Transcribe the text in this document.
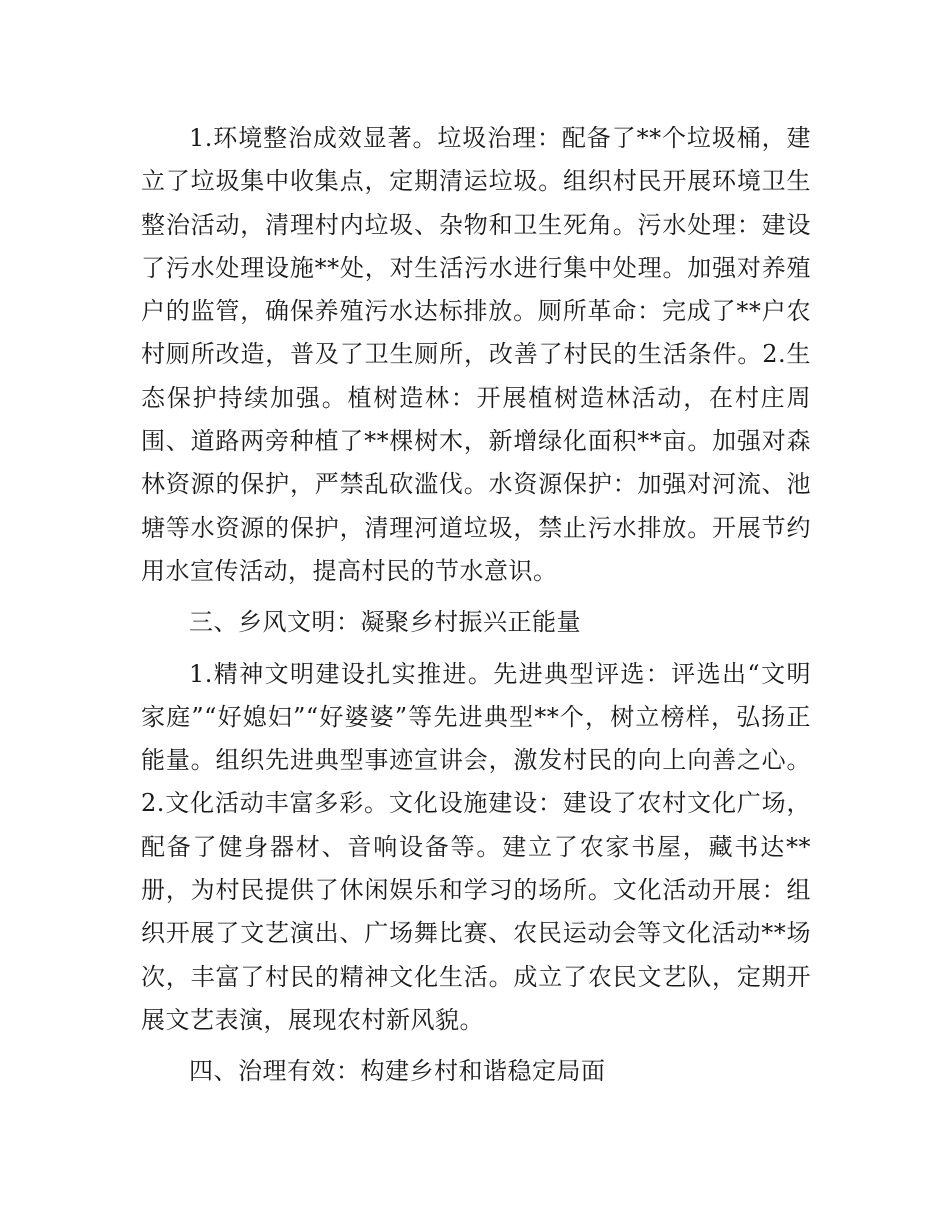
1.环境整治成效显著。垃圾治理：配备了**个垃圾桶，建立了垃圾集中收集点，定期清运垃圾。组织村民开展环境卫生整治活动，清理村内垃圾、杂物和卫生死角。污水处理：建设了污水处理设施**处，对生活污水进行集中处理。加强对养殖户的监管，确保养殖污水达标排放。厕所革命：完成了**户农村厕所改造，普及了卫生厕所，改善了村民的生活条件。2.生态保护持续加强。植树造林：开展植树造林活动，在村庄周围、道路两旁种植了**棵树木，新增绿化面积**亩。加强对森林资源的保护，严禁乱砍滥伐。水资源保护：加强对河流、池塘等水资源的保护，清理河道垃圾，禁止污水排放。开展节约用水宣传活动，提高村民的节水意识。

三、乡风文明：凝聚乡村振兴正能量

1.精神文明建设扎实推进。先进典型评选：评选出“文明家庭”“好媳妇”“好婆婆”等先进典型**个，树立榜样，弘扬正能量。组织先进典型事迹宣讲会，激发村民的向上向善之心。2.文化活动丰富多彩。文化设施建设：建设了农村文化广场，配备了健身器材、音响设备等。建立了农家书屋，藏书达**册，为村民提供了休闲娱乐和学习的场所。文化活动开展：组织开展了文艺演出、广场舞比赛、农民运动会等文化活动**场次，丰富了村民的精神文化生活。成立了农民文艺队，定期开展文艺表演，展现农村新风貌。

四、治理有效：构建乡村和谐稳定局面
